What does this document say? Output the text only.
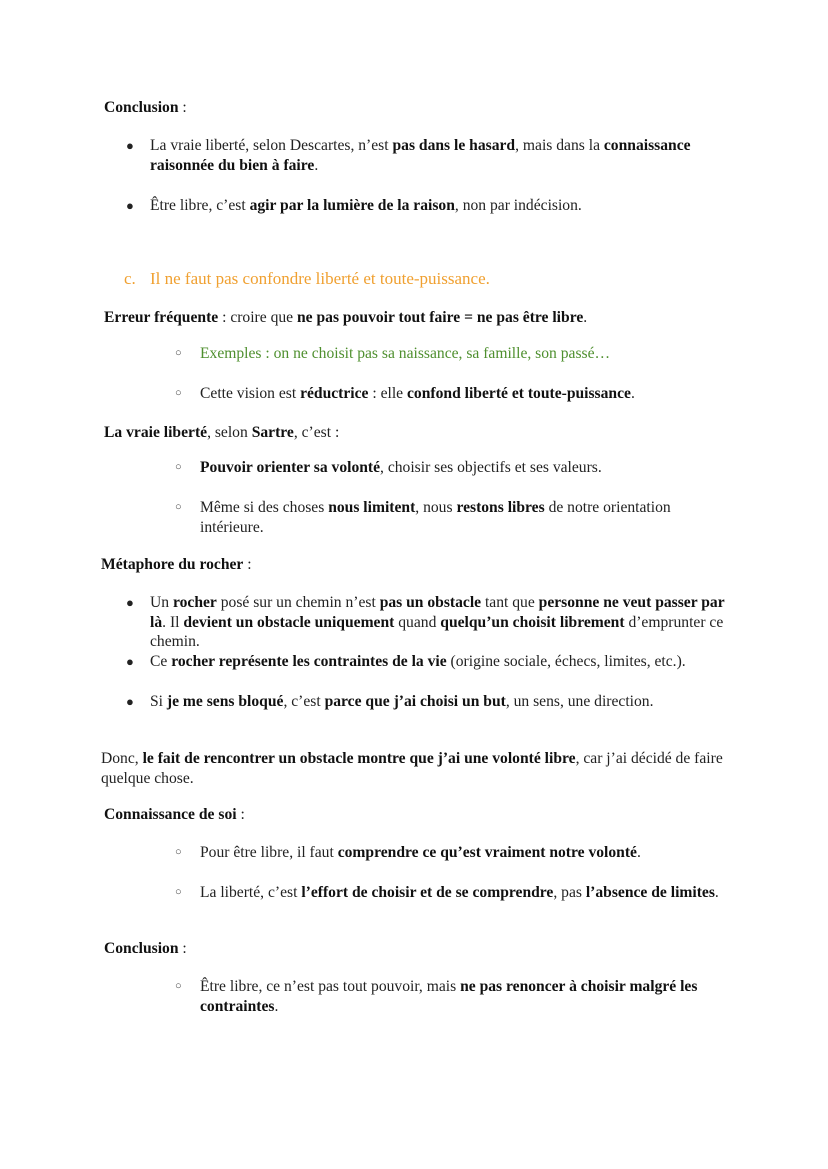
Conclusion :
● La vraie liberté, selon Descartes, n’est pas dans le hasard, mais dans la connaissance raisonnée du bien à faire.
● Être libre, c’est agir par la lumière de la raison, non par indécision.
c. Il ne faut pas confondre liberté et toute-puissance.
Erreur fréquente : croire que ne pas pouvoir tout faire = ne pas être libre.
○ Exemples : on ne choisit pas sa naissance, sa famille, son passé…
○ Cette vision est réductrice : elle confond liberté et toute-puissance.
La vraie liberté, selon Sartre, c’est :
○ Pouvoir orienter sa volonté, choisir ses objectifs et ses valeurs.
○ Même si des choses nous limitent, nous restons libres de notre orientation intérieure.
Métaphore du rocher :
● Un rocher posé sur un chemin n’est pas un obstacle tant que personne ne veut passer par là. Il devient un obstacle uniquement quand quelqu’un choisit librement d’emprunter ce chemin.
● Ce rocher représente les contraintes de la vie (origine sociale, échecs, limites, etc.).
● Si je me sens bloqué, c’est parce que j’ai choisi un but, un sens, une direction.
Donc, le fait de rencontrer un obstacle montre que j’ai une volonté libre, car j’ai décidé de faire quelque chose.
Connaissance de soi :
○ Pour être libre, il faut comprendre ce qu’est vraiment notre volonté.
○ La liberté, c’est l’effort de choisir et de se comprendre, pas l’absence de limites.
Conclusion :
○ Être libre, ce n’est pas tout pouvoir, mais ne pas renoncer à choisir malgré les contraintes.
